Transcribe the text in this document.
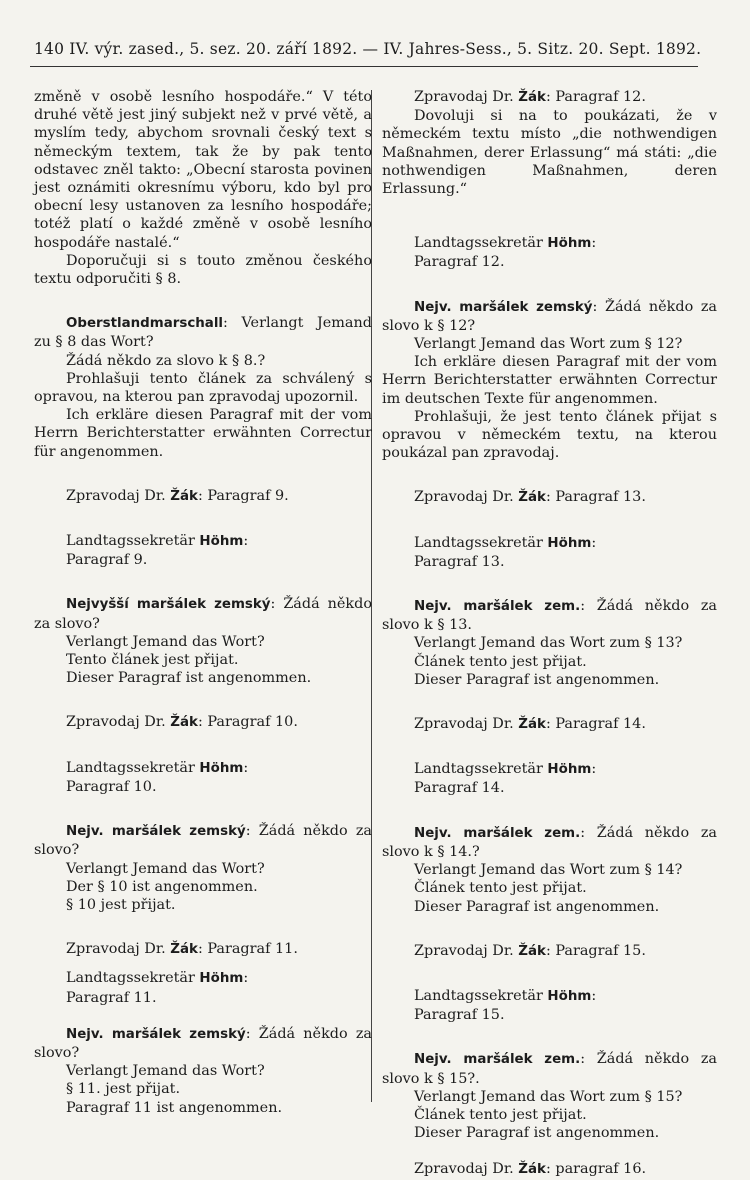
140 IV. výr. zased., 5. sez. 20. září 1892. — IV. Jahres-Sess., 5. Sitz. 20. Sept. 1892.

změně v osobě lesního hospodáře.“ V této druhé větě jest jiný subjekt než v prvé větě, a myslím tedy, abychom srovnali český text s německým textem, tak že by pak tento odstavec zněl takto: „Obecní starosta povinen jest oznámiti okresnímu výboru, kdo byl pro obecní lesy ustanoven za lesního hospodáře; totéž platí o každé změně v osobě lesního hospodáře nastalé.“

Doporučuji si s touto změnou českého textu odporučiti § 8.

Oberstlandmarschall: Verlangt Jemand zu § 8 das Wort?

Žádá někdo za slovo k § 8.?

Prohlašuji tento článek za schválený s opravou, na kterou pan zpravodaj upozornil.

Ich erkläre diesen Paragraf mit der vom Herrn Berichterstatter erwähnten Correctur für angenommen.

Zpravodaj Dr. Žák: Paragraf 9.

Landtagssekretär Höhm:

Paragraf 9.

Nejvyšší maršálek zemský: Žádá někdo za slovo?

Verlangt Jemand das Wort?

Tento článek jest přijat.

Dieser Paragraf ist angenommen.

Zpravodaj Dr. Žák: Paragraf 10.

Landtagssekretär Höhm:

Paragraf 10.

Nejv. maršálek zemský: Žádá někdo za slovo?

Verlangt Jemand das Wort?

Der § 10 ist angenommen.

§ 10 jest přijat.

Zpravodaj Dr. Žák: Paragraf 11.

Landtagssekretär Höhm:

Paragraf 11.

Nejv. maršálek zemský: Žádá někdo za slovo?

Verlangt Jemand das Wort?

§ 11. jest přijat.

Paragraf 11 ist angenommen.

Zpravodaj Dr. Žák: Paragraf 12.

Dovoluji si na to poukázati, že v německém textu místo „die nothwendigen Maßnahmen, derer Erlassung“ má státi: „die nothwendigen Maßnahmen, deren Erlassung.“

Landtagssekretär Höhm:

Paragraf 12.

Nejv. maršálek zemský: Žádá někdo za slovo k § 12?

Verlangt Jemand das Wort zum § 12?

Ich erkläre diesen Paragraf mit der vom Herrn Berichterstatter erwähnten Correctur im deutschen Texte für angenommen.

Prohlašuji, že jest tento článek přijat s opravou v německém textu, na kterou poukázal pan zpravodaj.

Zpravodaj Dr. Žák: Paragraf 13.

Landtagssekretär Höhm:

Paragraf 13.

Nejv. maršálek zem.: Žádá někdo za slovo k § 13.

Verlangt Jemand das Wort zum § 13?

Článek tento jest přijat.

Dieser Paragraf ist angenommen.

Zpravodaj Dr. Žák: Paragraf 14.

Landtagssekretär Höhm:

Paragraf 14.

Nejv. maršálek zem.: Žádá někdo za slovo k § 14.?

Verlangt Jemand das Wort zum § 14?

Článek tento jest přijat.

Dieser Paragraf ist angenommen.

Zpravodaj Dr. Žák: Paragraf 15.

Landtagssekretär Höhm:

Paragraf 15.

Nejv. maršálek zem.: Žádá někdo za slovo k § 15?.

Verlangt Jemand das Wort zum § 15?

Článek tento jest přijat.

Dieser Paragraf ist angenommen.

Zpravodaj Dr. Žák: paragraf 16.
